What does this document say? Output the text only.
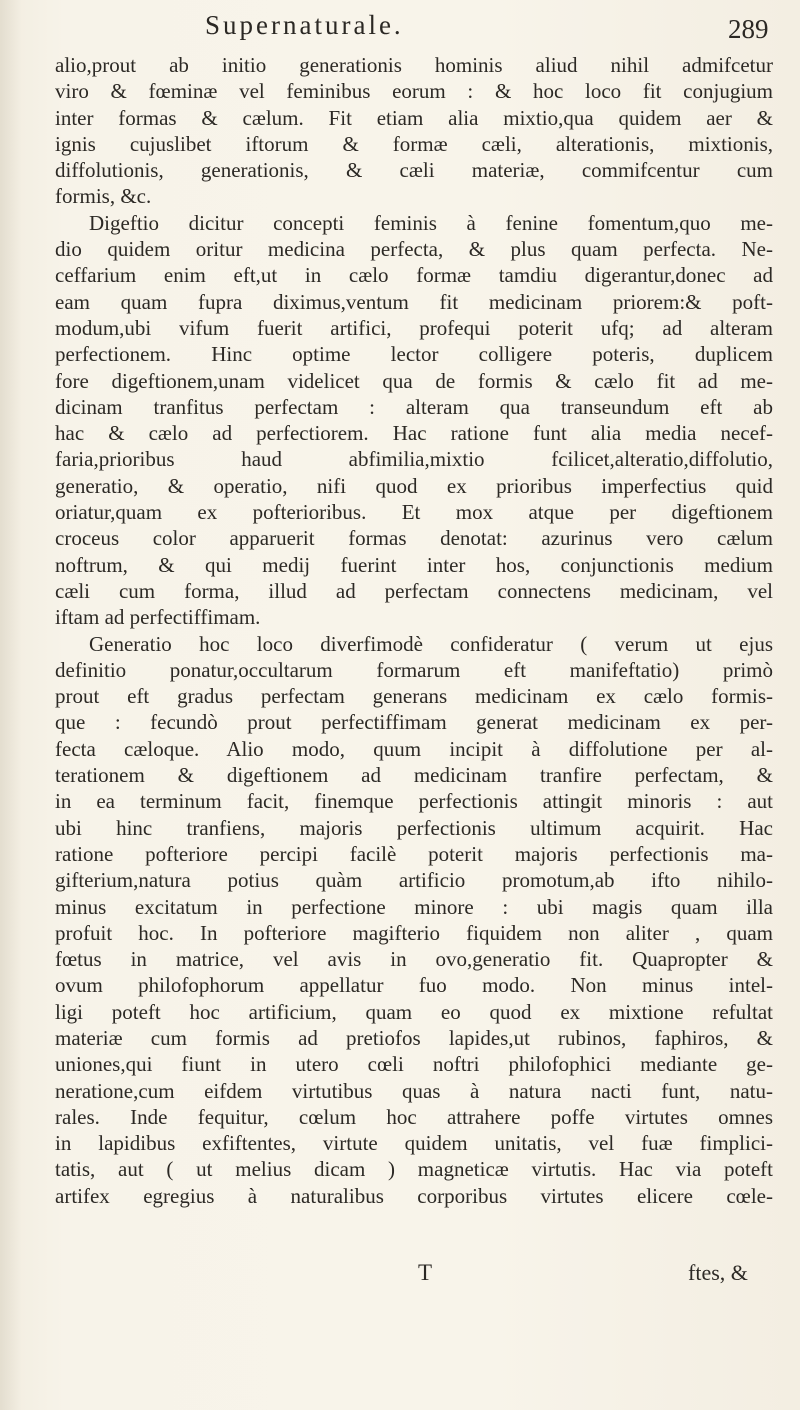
Supernaturale.	289
alio,prout ab initio generationis hominis aliud nihil admifcetur
viro & fœminæ vel feminibus eorum : & hoc loco fit conjugium
inter formas & cælum. Fit etiam alia mixtio,qua quidem aer &
ignis cujuslibet iftorum & formæ cæli, alterationis, mixtionis,
diffolutionis, generationis, & cæli materiæ, commifcentur cum
formis, &c.
Digeftio dicitur concepti feminis à fenine fomentum,quo me-
dio quidem oritur medicina perfecta, & plus quam perfecta. Ne-
ceffarium enim eft,ut in cælo formæ tamdiu digerantur,donec ad
eam quam fupra diximus,ventum fit medicinam priorem:& poft-
modum,ubi vifum fuerit artifici, profequi poterit ufq; ad alteram
perfectionem. Hinc optime lector colligere poteris, duplicem
fore digeftionem,unam videlicet qua de formis & cælo fit ad me-
dicinam tranfitus perfectam : alteram qua transeundum eft ab
hac & cælo ad perfectiorem. Hac ratione funt alia media necef-
faria,prioribus haud abfimilia,mixtio fcilicet,alteratio,diffolutio,
generatio, & operatio, nifi quod ex prioribus imperfectius quid
oriatur,quam ex pofterioribus. Et mox atque per digeftionem
croceus color apparuerit formas denotat: azurinus vero cælum
noftrum, & qui medij fuerint inter hos, conjunctionis medium
cæli cum forma, illud ad perfectam connectens medicinam, vel
iftam ad perfectiffimam.
Generatio hoc loco diverfimodè confideratur ( verum ut ejus
definitio ponatur,occultarum formarum eft manifeftatio) primò
prout eft gradus perfectam generans medicinam ex cælo formis-
que : fecundò prout perfectiffimam generat medicinam ex per-
fecta cæloque. Alio modo, quum incipit à diffolutione per al-
terationem & digeftionem ad medicinam tranfire perfectam, &
in ea terminum facit, finemque perfectionis attingit minoris : aut
ubi hinc tranfiens, majoris perfectionis ultimum acquirit. Hac
ratione pofteriore percipi facilè poterit majoris perfectionis ma-
gifterium,natura potius quàm artificio promotum,ab ifto nihilo-
minus excitatum in perfectione minore : ubi magis quam illa
profuit hoc. In pofteriore magifterio fiquidem non aliter , quam
fœtus in matrice, vel avis in ovo,generatio fit. Quapropter &
ovum philofophorum appellatur fuo modo. Non minus intel-
ligi poteft hoc artificium, quam eo quod ex mixtione refultat
materiæ cum formis ad pretiofos lapides,ut rubinos, faphiros, &
uniones,qui fiunt in utero cœli noftri philofophici mediante ge-
neratione,cum eifdem virtutibus quas à natura nacti funt, natu-
rales. Inde fequitur, cœlum hoc attrahere poffe virtutes omnes
in lapidibus exfiftentes, virtute quidem unitatis, vel fuæ fimplici-
tatis, aut ( ut melius dicam ) magneticæ virtutis. Hac via poteft
artifex egregius à naturalibus corporibus virtutes elicere cœle-
T	ftes, &
